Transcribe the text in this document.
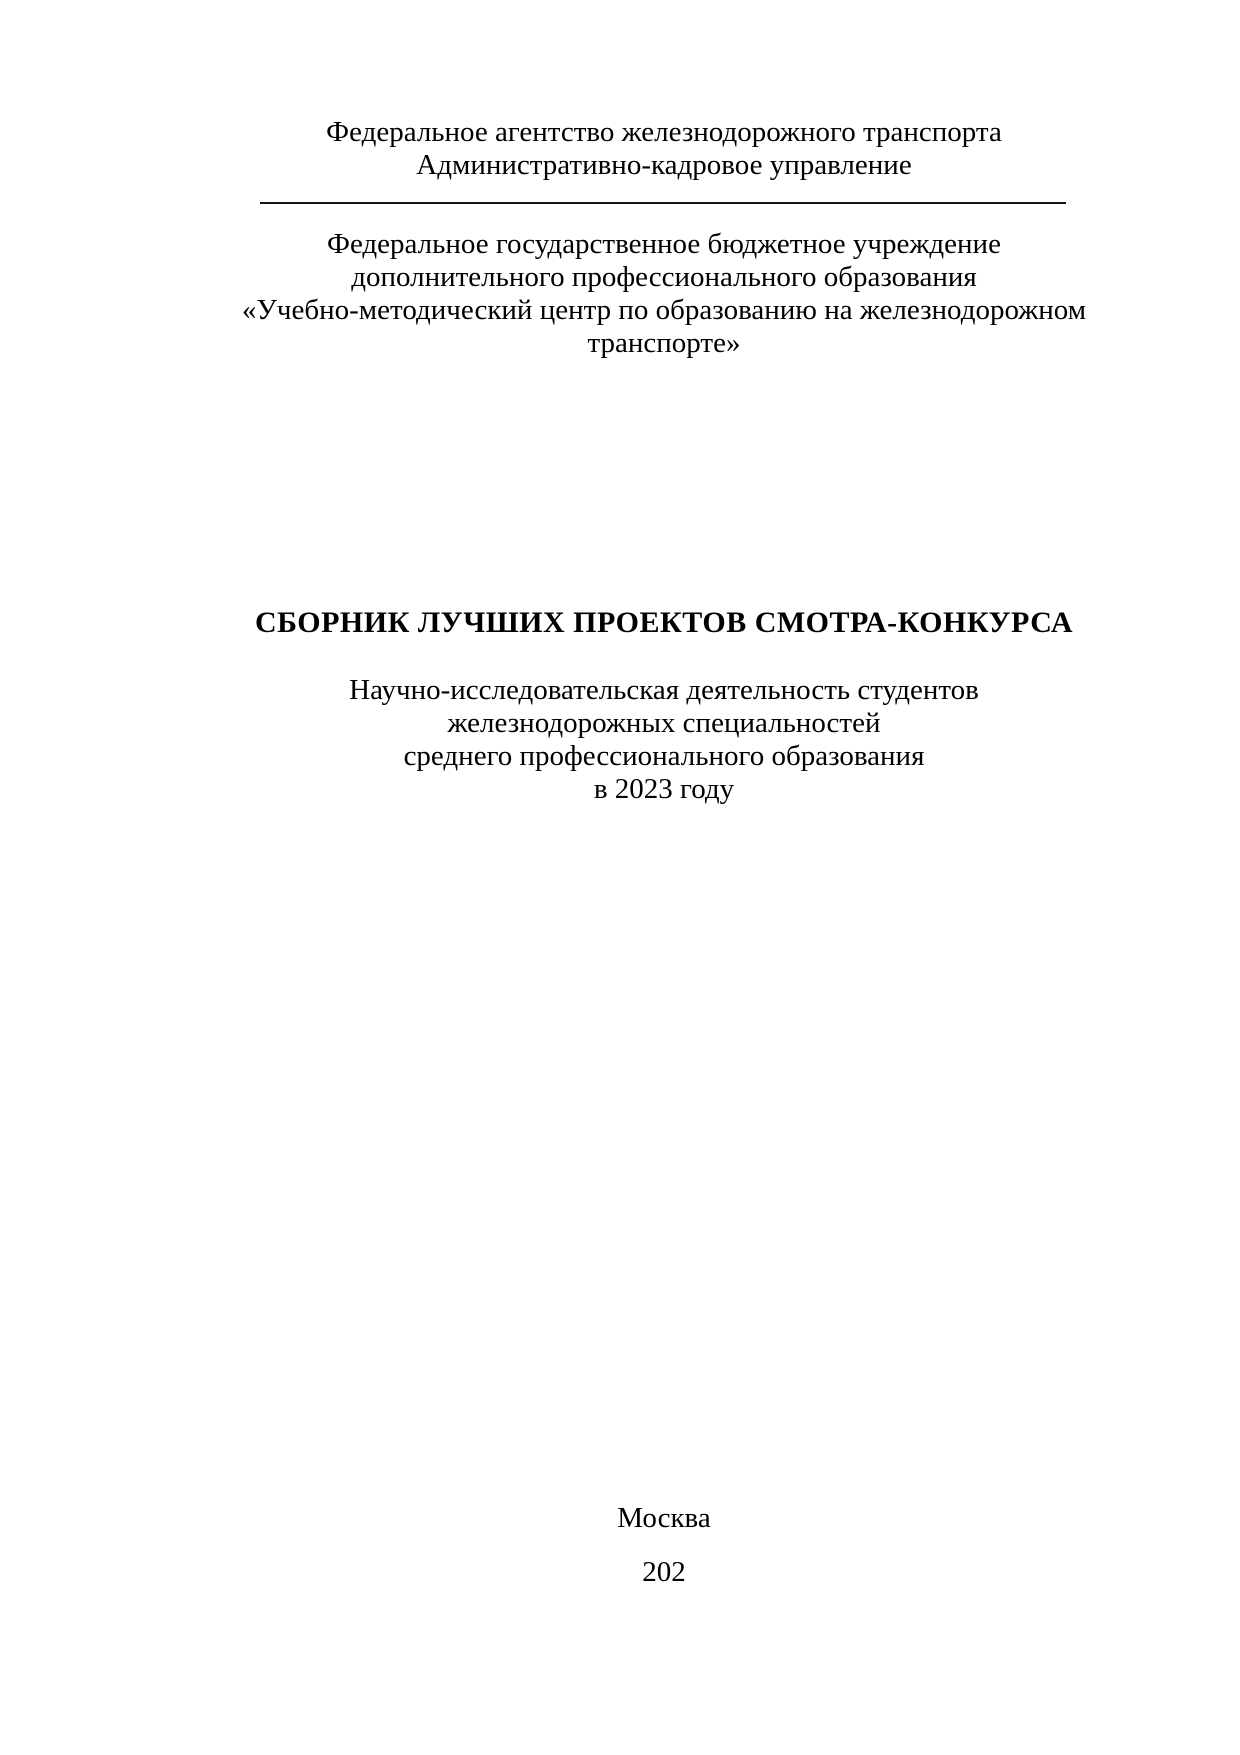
Федеральное агентство железнодорожного транспорта
Административно-кадровое управление

Федеральное государственное бюджетное учреждение
дополнительного профессионального образования
«Учебно-методический центр по образованию на железнодорожном
транспорте»

СБОРНИК ЛУЧШИХ ПРОЕКТОВ СМОТРА-КОНКУРСА

Научно-исследовательская деятельность студентов
железнодорожных специальностей
среднего профессионального образования
в 2023 году

Москва

202
